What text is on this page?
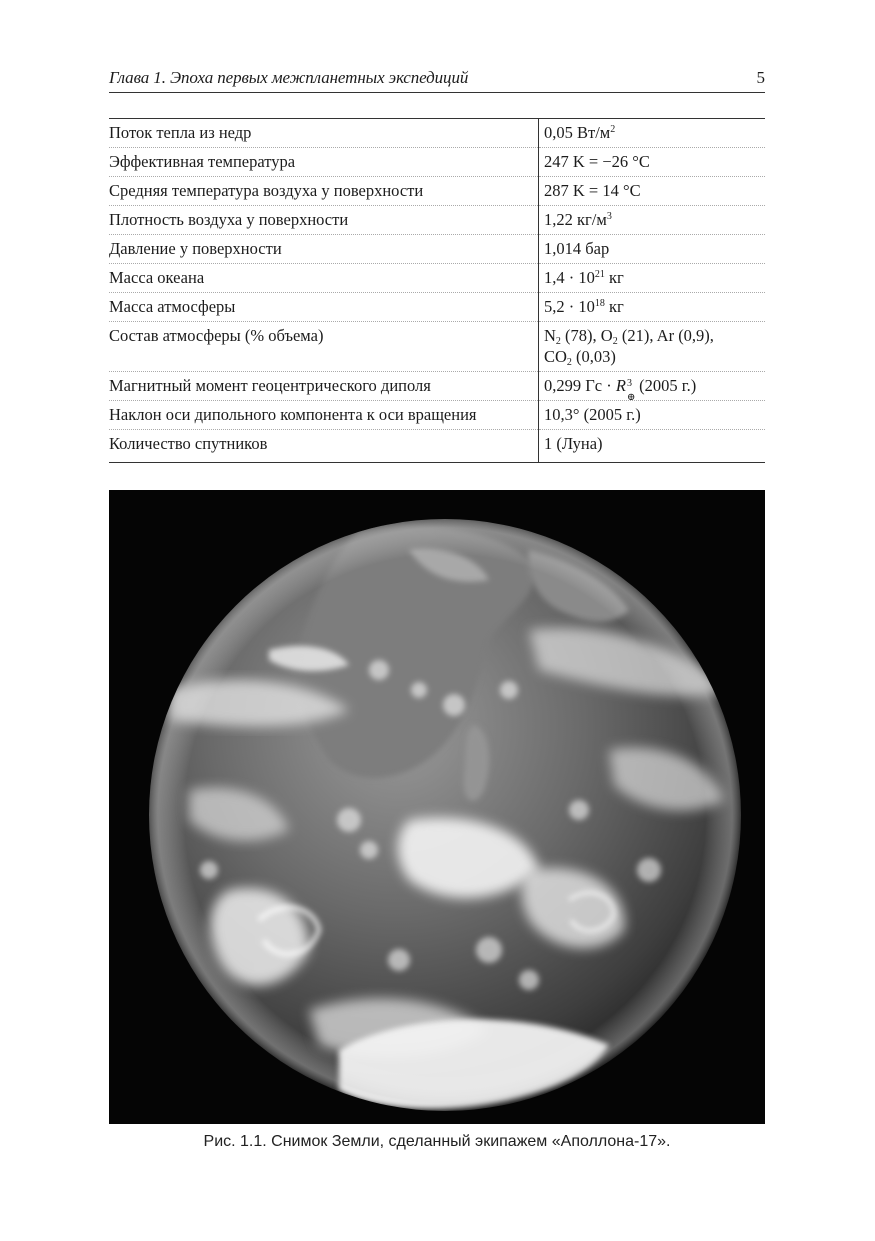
Глава 1. Эпоха первых межпланетных экспедиций	5
Поток тепла из недр	0,05 $Вт/м^2$
Эффективная температура	247 K = −26 °С
Средняя температура воздуха у поверхности	287 K = 14 °С
Плотность воздуха у поверхности	1,22 $кг/м^3$
Давление у поверхности	1,014 бар
Масса океана	$1,4 \cdot 10^{21}$ кг
Масса атмосферы	$5,2 \cdot 10^{18}$ кг
Состав атмосферы (% объема)	$N_2$ (78), $O_2$ (21), Ar (0,9),
$CO_2$ (0,03)

Магнитный момент геоцентрического диполя	0,299 Гс · R 3
⊕
(2005 г.)
Наклон оси дипольного компонента к оси вращения	10,3° (2005 г.)
Количество спутников	1 (Луна)
Рис. 1.1. Снимок Земли, сделанный экипажем «Аполлона-17».
